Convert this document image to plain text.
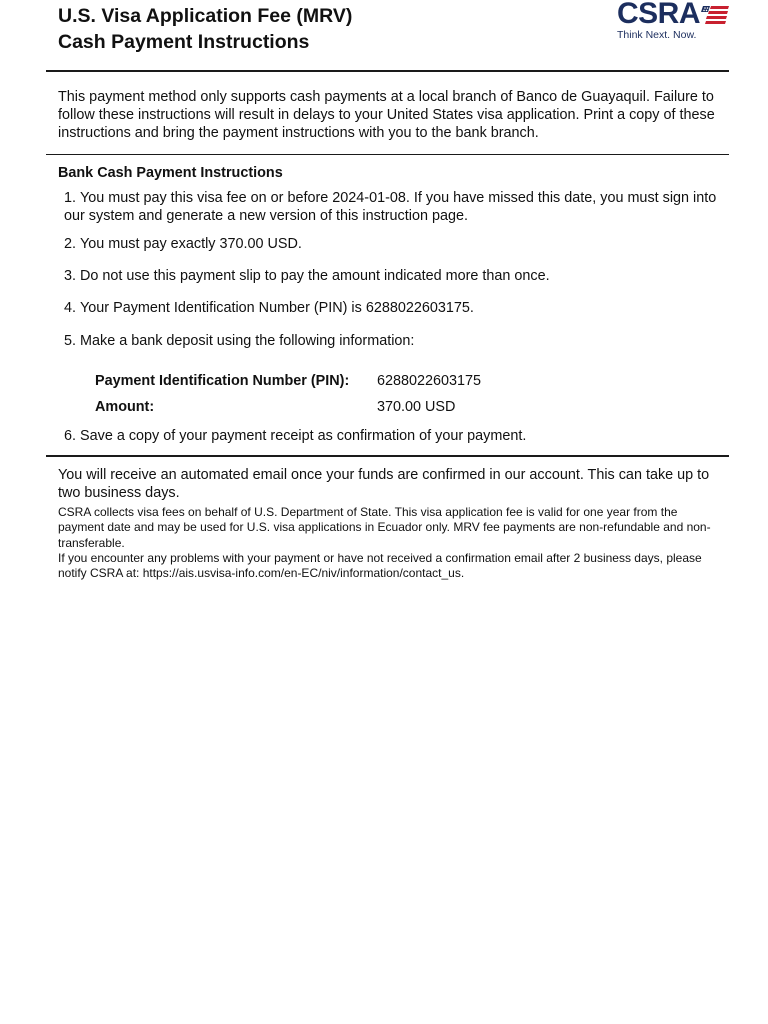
U.S. Visa Application Fee (MRV)
Cash Payment Instructions
CSRA
Think Next. Now.

This payment method only supports cash payments at a local branch of Banco de Guayaquil. Failure to follow these instructions will result in delays to your United States visa application. Print a copy of these instructions and bring the payment instructions with you to the bank branch.

Bank Cash Payment Instructions
1. You must pay this visa fee on or before 2024-01-08. If you have missed this date, you must sign into our system and generate a new version of this instruction page.
2. You must pay exactly 370.00 USD.
3. Do not use this payment slip to pay the amount indicated more than once.
4. Your Payment Identification Number (PIN) is 6288022603175.
5. Make a bank deposit using the following information:
Payment Identification Number (PIN):	6288022603175
Amount:	370.00 USD
6. Save a copy of your payment receipt as confirmation of your payment.

You will receive an automated email once your funds are confirmed in our account. This can take up to two business days.

CSRA collects visa fees on behalf of U.S. Department of State. This visa application fee is valid for one year from the payment date and may be used for U.S. visa applications in Ecuador only. MRV fee payments are non-refundable and non-transferable.

If you encounter any problems with your payment or have not received a confirmation email after 2 business days, please notify CSRA at: https://ais.usvisa-info.com/en-EC/niv/information/contact_us.
